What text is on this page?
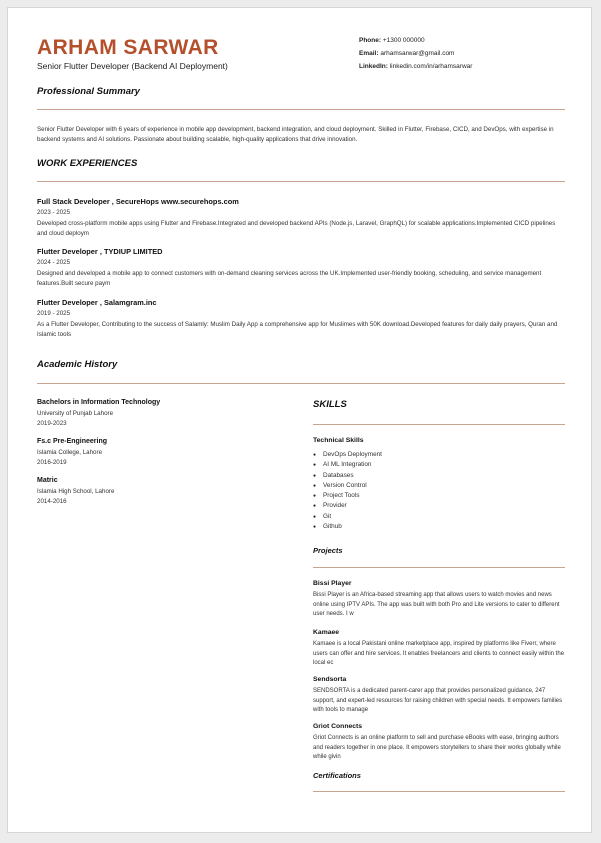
ARHAM SARWAR
Senior Flutter Developer (Backend AI Deployment)
Phone: +1300 000000
Email: arhamsarwar@gmail.com
LinkedIn: linkedin.com/in/arhamsarwar
Professional Summary
Senior Flutter Developer with 6 years of experience in mobile app development, backend integration, and cloud deployment. Skilled in Flutter, Firebase, CICD, and DevOps, with expertise in backend systems and AI solutions. Passionate about building scalable, high-quality applications that drive innovation.
WORK EXPERIENCES
Full Stack Developer , SecureHops www.securehops.com
2023 - 2025
Developed cross-platform mobile apps using Flutter and Firebase.Integrated and developed backend APIs (Node.js, Laravel, GraphQL) for scalable applications.Implemented CICD pipelines and cloud deploym
Flutter Developer , TYDIUP LIMITED
2024 - 2025
Designed and developed a mobile app to connect customers with on-demand cleaning services across the UK.Implemented user-friendly booking, scheduling, and service management features.Built secure paym
Flutter Developer , Salamgram.inc
2019 - 2025
As a Flutter Developer, Contributing to the success of Salamly: Muslim Daily App a comprehensive app for Muslimes with 50K download.Developed features for daily daily prayers, Quran and Islamic tools
Academic History
Bachelors in Information Technology
University of Punjab Lahore
2019-2023
Fs.c Pre-Engineering
Islamia College, Lahore
2016-2019
Matric
Islamia High School, Lahore
2014-2016
SKILLS
Technical Skills
● DevOps Deployment
● AI ML Integration
● Databases
● Version Control
● Project Tools
● Provider
● Git
● Github
Projects
Bissi Player
Bissi Player is an Africa-based streaming app that allows users to watch movies and news online using IPTV APIs. The app was built with both Pro and Lite versions to cater to different user needs. I w
Kamaee
Kamaee is a local Pakistani online marketplace app, inspired by platforms like Fiverr, where users can offer and hire services. It enables freelancers and clients to connect easily within the local ec
Sendsorta
SENDSORTA is a dedicated parent-carer app that provides personalized guidance, 247 support, and expert-led resources for raising children with special needs. It empowers families with tools to manage
Griot Connects
Griot Connects is an online platform to sell and purchase eBooks with ease, bringing authors and readers together in one place. It empowers storytellers to share their works globally while while givin
Certifications
